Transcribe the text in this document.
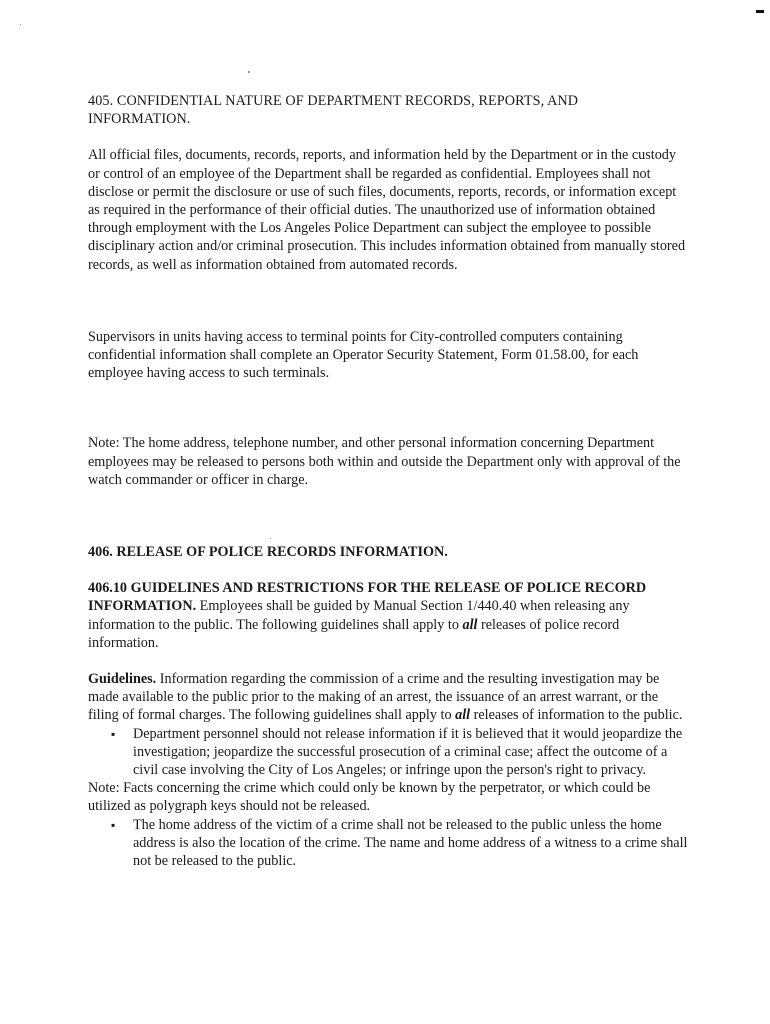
405. CONFIDENTIAL NATURE OF DEPARTMENT RECORDS, REPORTS, AND
INFORMATION.

All official files, documents, records, reports, and information held by the Department or in the custody or control of an employee of the Department shall be regarded as confidential. Employees shall not disclose or permit the disclosure or use of such files, documents, reports, records, or information except as required in the performance of their official duties. The unauthorized use of information obtained through employment with the Los Angeles Police Department can subject the employee to possible disciplinary action and/or criminal prosecution. This includes information obtained from manually stored records, as well as information obtained from automated records.

Supervisors in units having access to terminal points for City-controlled computers containing confidential information shall complete an Operator Security Statement, Form 01.58.00, for each employee having access to such terminals.

Note: The home address, telephone number, and other personal information concerning Department employees may be released to persons both within and outside the Department only with approval of the watch commander or officer in charge.

406. RELEASE OF POLICE RECORDS INFORMATION.

406.10 GUIDELINES AND RESTRICTIONS FOR THE RELEASE OF POLICE RECORD INFORMATION. Employees shall be guided by Manual Section 1/440.40 when releasing any information to the public. The following guidelines shall apply to all releases of police record information.

Guidelines. Information regarding the commission of a crime and the resulting investigation may be made available to the public prior to the making of an arrest, the issuance of an arrest warrant, or the filing of formal charges. The following guidelines shall apply to all releases of information to the public.

▪ Department personnel should not release information if it is believed that it would jeopardize the investigation; jeopardize the successful prosecution of a criminal case; affect the outcome of a civil case involving the City of Los Angeles; or infringe upon the person's right to privacy.

Note: Facts concerning the crime which could only be known by the perpetrator, or which could be utilized as polygraph keys should not be released.

▪ The home address of the victim of a crime shall not be released to the public unless the home address is also the location of the crime. The name and home address of a witness to a crime shall not be released to the public.
